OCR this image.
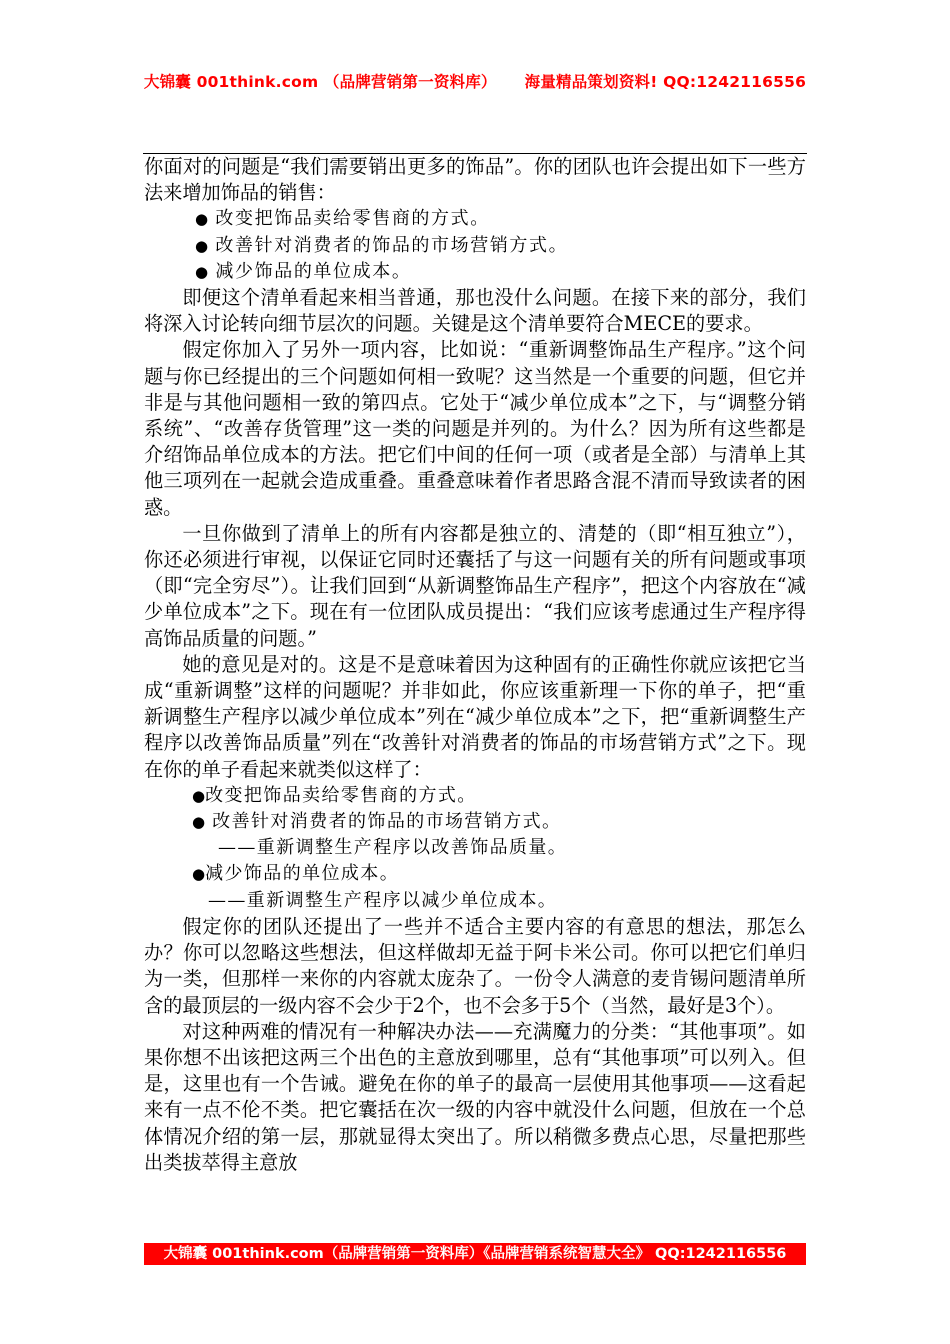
大锦囊 001think.com （品牌营销第一资料库） 海量精品策划资料! QQ:1242116556

你面对的问题是“我们需要销出更多的饰品”。你的团队也许会提出如下一些方法来增加饰品的销售：

● 改变把饰品卖给零售商的方式。

● 改善针对消费者的饰品的市场营销方式。

● 减少饰品的单位成本。

即便这个清单看起来相当普通，那也没什么问题。在接下来的部分，我们将深入讨论转向细节层次的问题。关键是这个清单要符合MECE的要求。

假定你加入了另外一项内容，比如说：“重新调整饰品生产程序。”这个问题与你已经提出的三个问题如何相一致呢？这当然是一个重要的问题，但它并非是与其他问题相一致的第四点。它处于“减少单位成本”之下，与“调整分销系统”、“改善存货管理”这一类的问题是并列的。为什么？因为所有这些都是介绍饰品单位成本的方法。把它们中间的任何一项（或者是全部）与清单上其他三项列在一起就会造成重叠。重叠意味着作者思路含混不清而导致读者的困惑。

一旦你做到了清单上的所有内容都是独立的、清楚的（即“相互独立”），你还必须进行审视，以保证它同时还囊括了与这一问题有关的所有问题或事项（即“完全穷尽”）。让我们回到“从新调整饰品生产程序”，把这个内容放在“减少单位成本”之下。现在有一位团队成员提出：“我们应该考虑通过生产程序得高饰品质量的问题。”

她的意见是对的。这是不是意味着因为这种固有的正确性你就应该把它当成“重新调整”这样的问题呢？并非如此，你应该重新理一下你的单子，把“重新调整生产程序以减少单位成本”列在“减少单位成本”之下，把“重新调整生产程序以改善饰品质量”列在“改善针对消费者的饰品的市场营销方式”之下。现在你的单子看起来就类似这样了：

●改变把饰品卖给零售商的方式。

● 改善针对消费者的饰品的市场营销方式。

——重新调整生产程序以改善饰品质量。

●减少饰品的单位成本。

——重新调整生产程序以减少单位成本。

假定你的团队还提出了一些并不适合主要内容的有意思的想法，那怎么办？你可以忽略这些想法，但这样做却无益于阿卡米公司。你可以把它们单归为一类，但那样一来你的内容就太庞杂了。一份令人满意的麦肯锡问题清单所含的最顶层的一级内容不会少于2个，也不会多于5个（当然，最好是3个）。

对这种两难的情况有一种解决办法——充满魔力的分类：“其他事项”。如果你想不出该把这两三个出色的主意放到哪里，总有“其他事项”可以列入。但是，这里也有一个告诫。避免在你的单子的最高一层使用其他事项——这看起来有一点不伦不类。把它囊括在次一级的内容中就没什么问题，但放在一个总体情况介绍的第一层，那就显得太突出了。所以稍微多费点心思，尽量把那些出类拔萃得主意放

大锦囊 001think.com（品牌营销第一资料库）《品牌营销系统智慧大全》 QQ:1242116556
